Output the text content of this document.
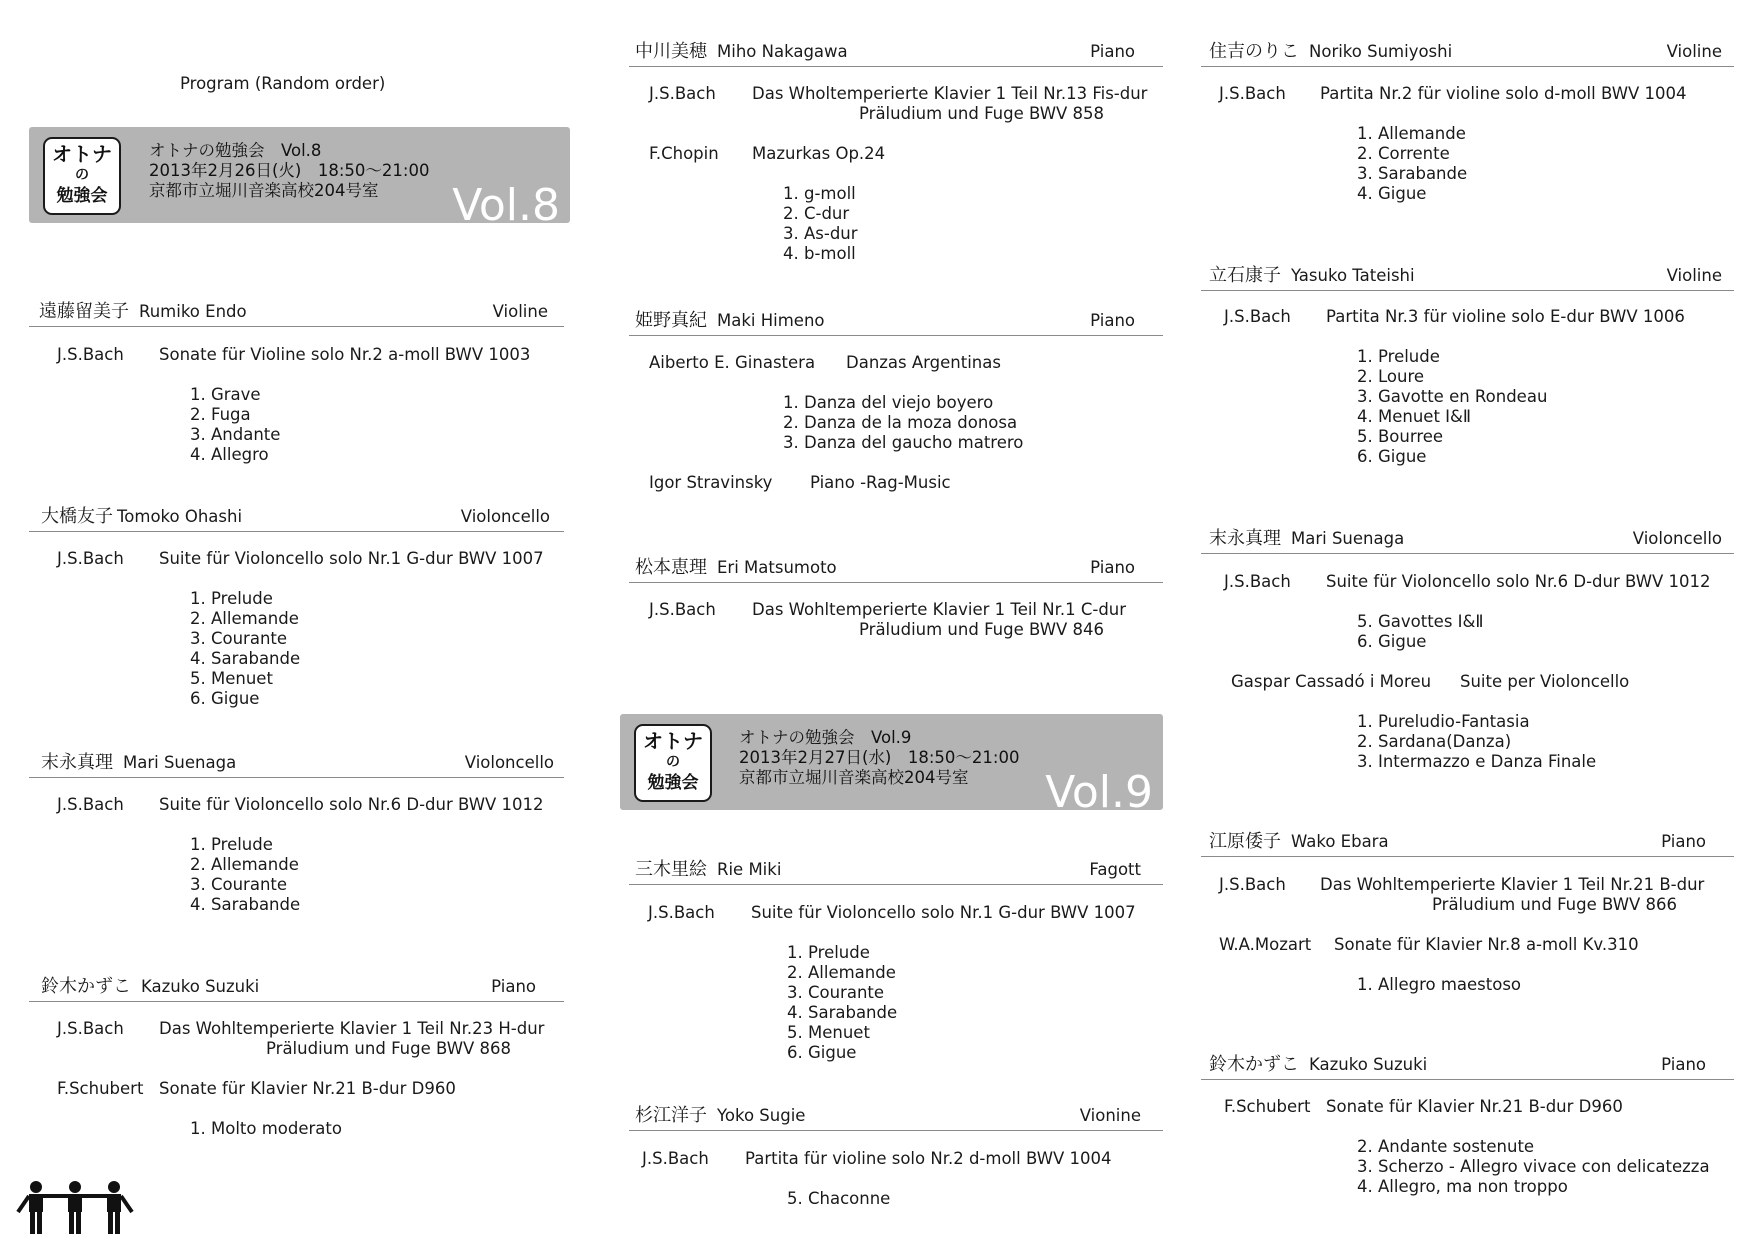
Program (Random order)
オトナ
の
勉強会
オトナの勉強会　Vol.8
2013年2月26日(火)　18:50～21:00
京都市立堀川音楽高校204号室	Vol.8
オトナ
の
勉強会
オトナの勉強会　Vol.9
2013年2月27日(水)　18:50～21:00
京都市立堀川音楽高校204号室	Vol.9
遠藤留美子 Rumiko Endo	Violine
J.S.Bach Sonate für Violine solo Nr.2 a-moll BWV 1003
1. Grave
2. Fuga
3. Andante
4. Allegro
大橋友子 Tomoko Ohashi	Violoncello
J.S.Bach Suite für Violoncello solo Nr.1 G-dur BWV 1007
1. Prelude
2. Allemande
3. Courante
4. Sarabande
5. Menuet
6. Gigue
末永真理 Mari Suenaga	Violoncello
J.S.Bach Suite für Violoncello solo Nr.6 D-dur BWV 1012
1. Prelude
2. Allemande
3. Courante
4. Sarabande
鈴木かずこ Kazuko Suzuki	Piano
J.S.Bach Das Wohltemperierte Klavier 1 Teil Nr.23 H-dur
Präludium und Fuge BWV 868
F.Schubert Sonate für Klavier Nr.21 B-dur D960
1. Molto moderato
中川美穂 Miho Nakagawa	Piano
J.S.Bach Das Wholtemperierte Klavier 1 Teil Nr.13 Fis-dur
Präludium und Fuge BWV 858
F.Chopin Mazurkas Op.24
1. g-moll
2. C-dur
3. As-dur
4. b-moll
姫野真紀 Maki Himeno	Piano
Aiberto E. Ginastera Danzas Argentinas
1. Danza del viejo boyero
2. Danza de la moza donosa
3. Danza del gaucho matrero
Igor Stravinsky Piano -Rag-Music
松本恵理 Eri Matsumoto	Piano
J.S.Bach Das Wohltemperierte Klavier 1 Teil Nr.1 C-dur
Präludium und Fuge BWV 846
三木里絵 Rie Miki	Fagott
J.S.Bach Suite für Violoncello solo Nr.1 G-dur BWV 1007
1. Prelude
2. Allemande
3. Courante
4. Sarabande
5. Menuet
6. Gigue
杉江洋子 Yoko Sugie	Vionine
J.S.Bach Partita für violine solo Nr.2 d-moll BWV 1004
5. Chaconne
住吉のりこ Noriko Sumiyoshi	Violine
J.S.Bach Partita Nr.2 für violine solo d-moll BWV 1004
1. Allemande
2. Corrente
3. Sarabande
4. Gigue
立石康子 Yasuko Tateishi	Violine
J.S.Bach Partita Nr.3 für violine solo E-dur BWV 1006
1. Prelude
2. Loure
3. Gavotte en Rondeau
4. Menuet Ⅰ&Ⅱ
5. Bourree
6. Gigue
末永真理 Mari Suenaga	Violoncello
J.S.Bach Suite für Violoncello solo Nr.6 D-dur BWV 1012
5. Gavottes Ⅰ&Ⅱ
6. Gigue
Gaspar Cassadó i Moreu Suite per Violoncello
1. Pureludio-Fantasia
2. Sardana(Danza)
3. Intermazzo e Danza Finale
江原倭子 Wako Ebara	Piano
J.S.Bach Das Wohltemperierte Klavier 1 Teil Nr.21 B-dur
Präludium und Fuge BWV 866
W.A.Mozart Sonate für Klavier Nr.8 a-moll Kv.310
1. Allegro maestoso
鈴木かずこ Kazuko Suzuki	Piano
F.Schubert Sonate für Klavier Nr.21 B-dur D960
2. Andante sostenute
3. Scherzo - Allegro vivace con delicatezza
4. Allegro, ma non troppo
